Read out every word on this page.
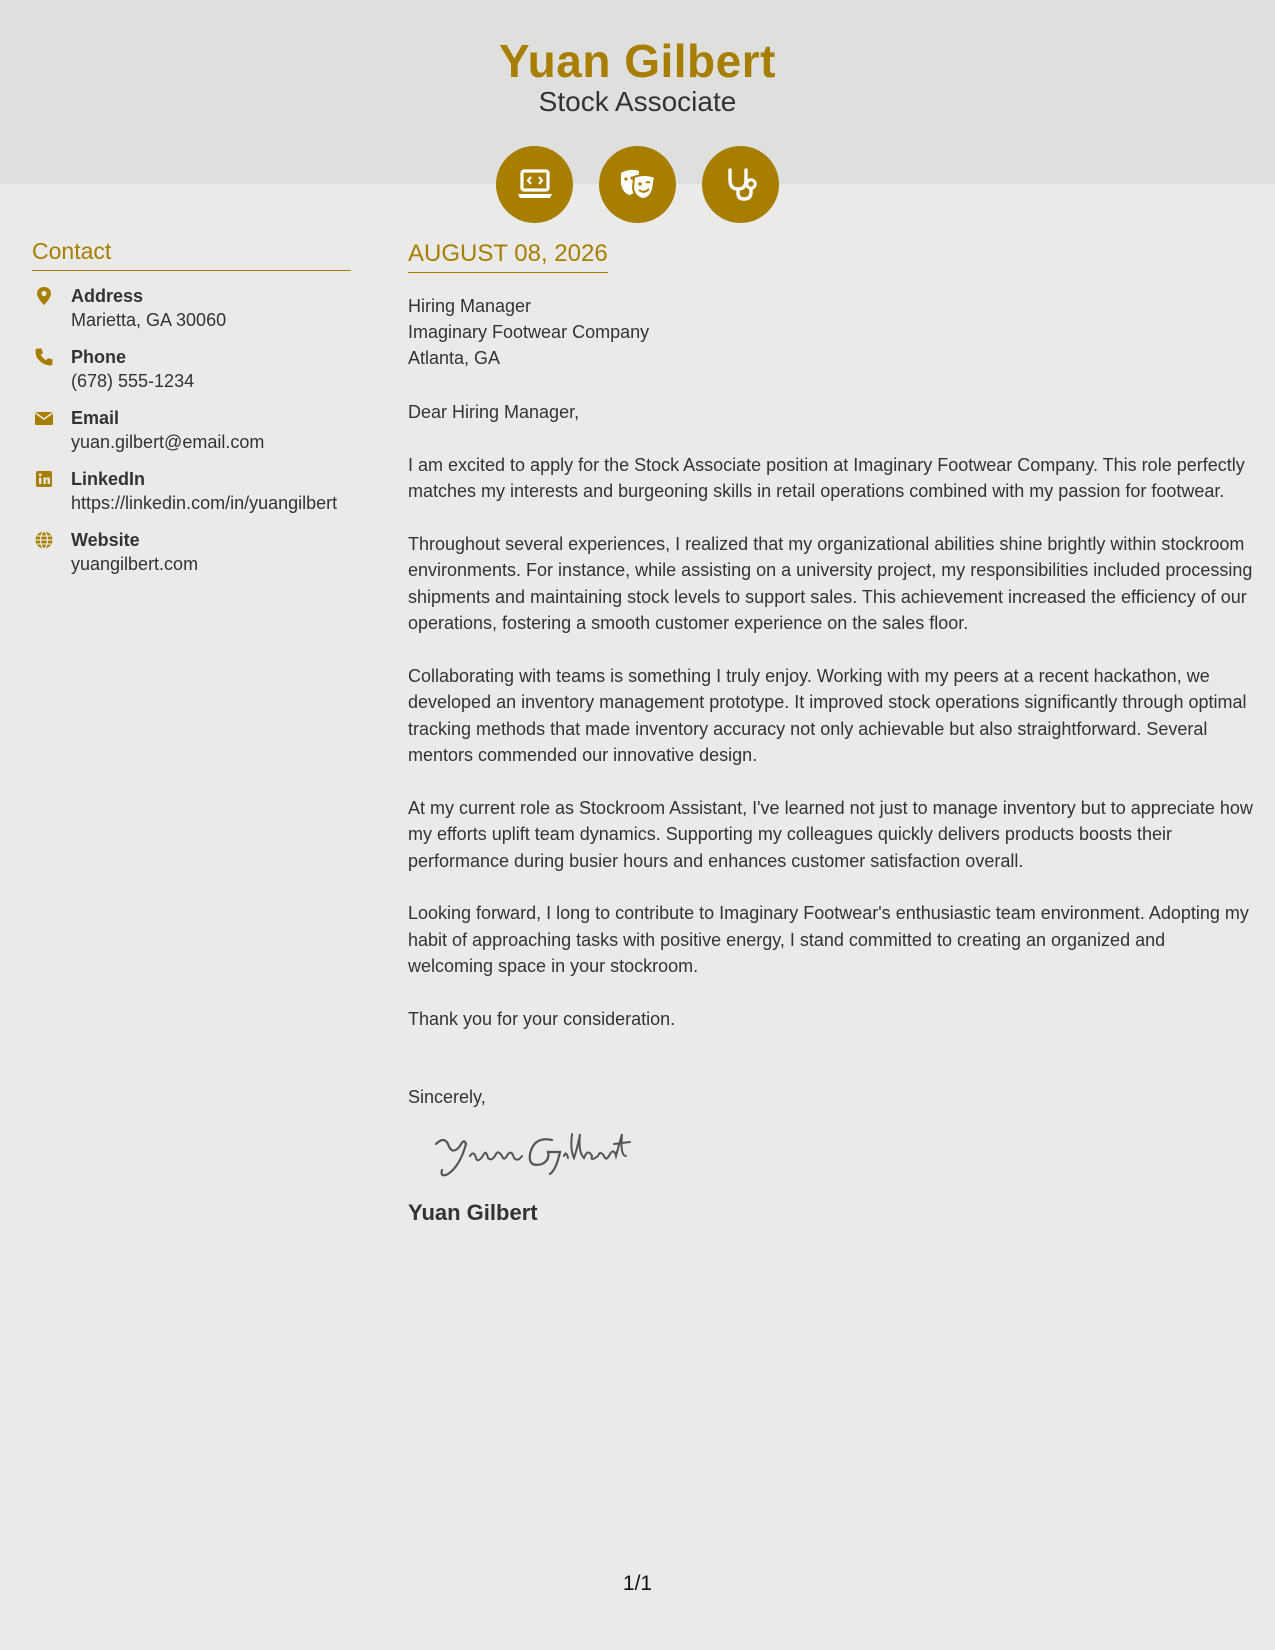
Yuan Gilbert
Stock Associate
Contact
Address
Marietta, GA 30060
Phone
(678) 555-1234
Email
yuan.gilbert@email.com
LinkedIn
https://linkedin.com/in/yuangilbert
Website
yuangilbert.com
AUGUST 08, 2026
Hiring Manager
Imaginary Footwear Company
Atlanta, GA
Dear Hiring Manager,
I am excited to apply for the Stock Associate position at Imaginary Footwear Company. This role perfectly matches my interests and burgeoning skills in retail operations combined with my passion for footwear.
Throughout several experiences, I realized that my organizational abilities shine brightly within stockroom environments. For instance, while assisting on a university project, my responsibilities included processing shipments and maintaining stock levels to support sales. This achievement increased the efficiency of our operations, fostering a smooth customer experience on the sales floor.
Collaborating with teams is something I truly enjoy. Working with my peers at a recent hackathon, we developed an inventory management prototype. It improved stock operations significantly through optimal tracking methods that made inventory accuracy not only achievable but also straightforward. Several mentors commended our innovative design.
At my current role as Stockroom Assistant, I've learned not just to manage inventory but to appreciate how my efforts uplift team dynamics. Supporting my colleagues quickly delivers products boosts their performance during busier hours and enhances customer satisfaction overall.
Looking forward, I long to contribute to Imaginary Footwear's enthusiastic team environment. Adopting my habit of approaching tasks with positive energy, I stand committed to creating an organized and welcoming space in your stockroom.
Thank you for your consideration.
Sincerely,
Yuan Gilbert
1/1
